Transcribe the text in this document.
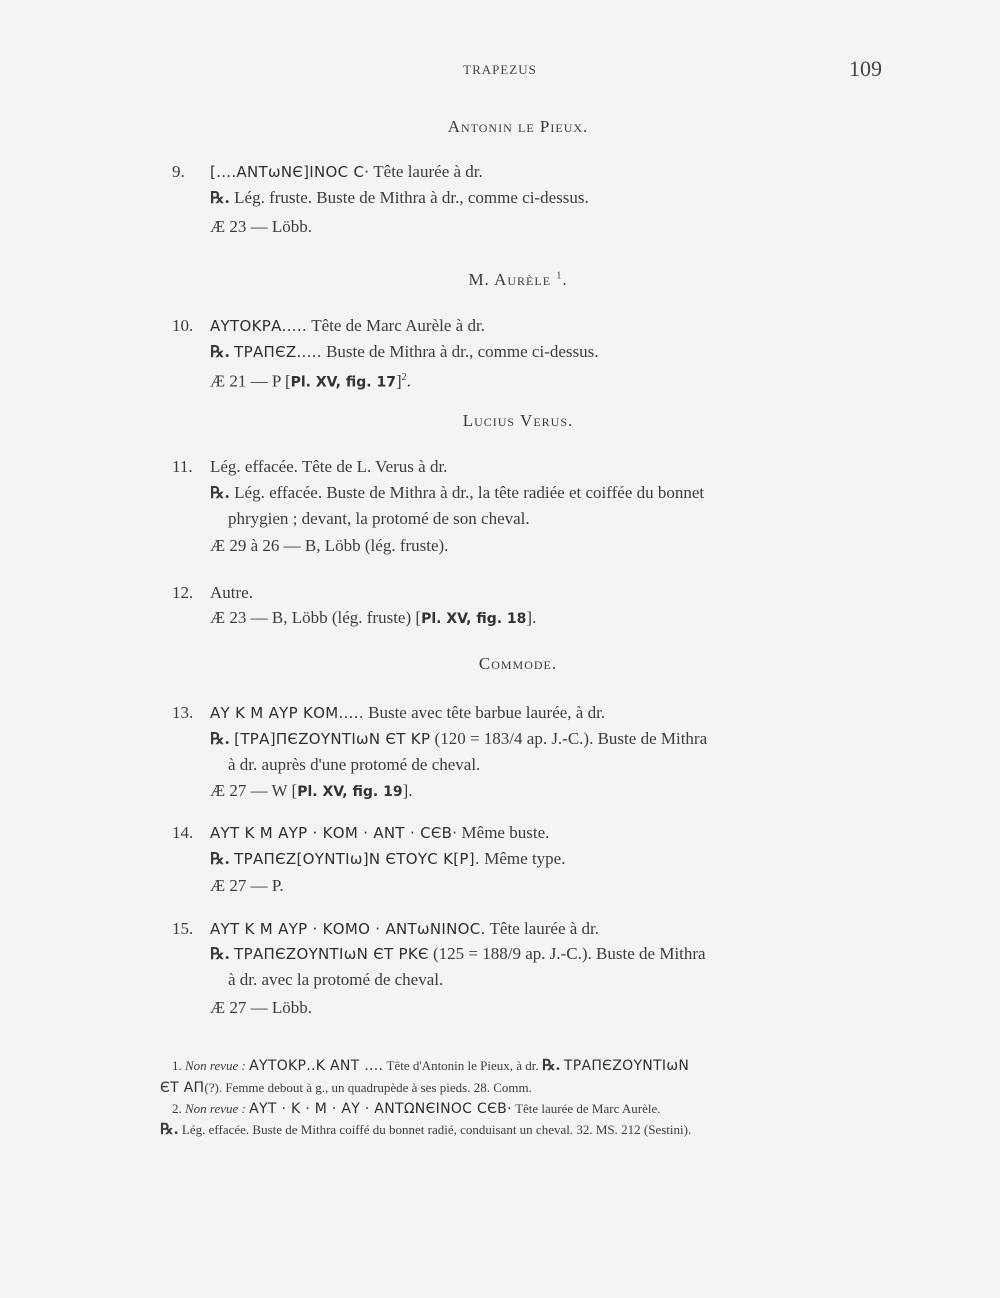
TRAPEZUS	109
Antonin le Pieux.
9. [....ΑΝΤωΝЄ]ΙΝΟC C· Tête laurée à dr.
℞. Lég. fruste. Buste de Mithra à dr., comme ci-dessus.
Æ 23 — Löbb.
M. Aurèle $^1$.
10. ΑΥΤΟΚΡΑ..... Tête de Marc Aurèle à dr.
℞. ΤΡΑΠЄΖ..... Buste de Mithra à dr., comme ci-dessus.
Æ 21 — P [Pl. XV, fig. 17]$^2$.
Lucius Verus.
11. Lég. effacée. Tête de L. Verus à dr.
℞. Lég. effacée. Buste de Mithra à dr., la tête radiée et coiffée du bonnet
phrygien ; devant, la protomé de son cheval.
Æ 29 à 26 — B, Löbb (lég. fruste).
12. Autre.
Æ 23 — B, Löbb (lég. fruste) [Pl. XV, fig. 18].
Commode.
13. ΑΥ Κ Μ ΑΥΡ ΚΟΜ..... Buste avec tête barbue laurée, à dr.
℞. [ΤΡΑ]ΠЄΖΟΥΝΤΙωΝ ЄΤ ΚΡ (120 = 183/4 ap. J.-C.). Buste de Mithra
à dr. auprès d'une protomé de cheval.
Æ 27 — W [Pl. XV, fig. 19].
14. ΑΥΤ Κ Μ ΑΥΡ · ΚΟΜ · ΑΝΤ · CЄΒ· Même buste.
℞. ΤΡΑΠЄΖ[ΟΥΝΤΙω]Ν ЄΤΟΥC Κ[Ρ]. Même type.
Æ 27 — P.
15. ΑΥΤ Κ Μ ΑΥΡ · ΚΟΜΟ · ΑΝΤωΝΙΝΟC. Tête laurée à dr.
℞. ΤΡΑΠЄΖΟΥΝΤΙωΝ ЄΤ ΡΚЄ (125 = 188/9 ap. J.-C.). Buste de Mithra
à dr. avec la protomé de cheval.
Æ 27 — Löbb.
1. Non revue : ΑΥΤΟΚΡ..Κ ΑΝΤ .... Tête d'Antonin le Pieux, à dr. ℞. ΤΡΑΠЄΖΟΥΝΤΙωΝ
ЄΤ ΑΠ(?). Femme debout à g., un quadrupède à ses pieds. 28. Comm.
2. Non revue : ΑΥΤ · Κ · Μ · ΑΥ · ΑΝΤΩΝЄΙΝΟC CЄΒ· Tête laurée de Marc Aurèle.
℞. Lég. effacée. Buste de Mithra coiffé du bonnet radié, conduisant un cheval. 32. MS. 212 (Sestini).
